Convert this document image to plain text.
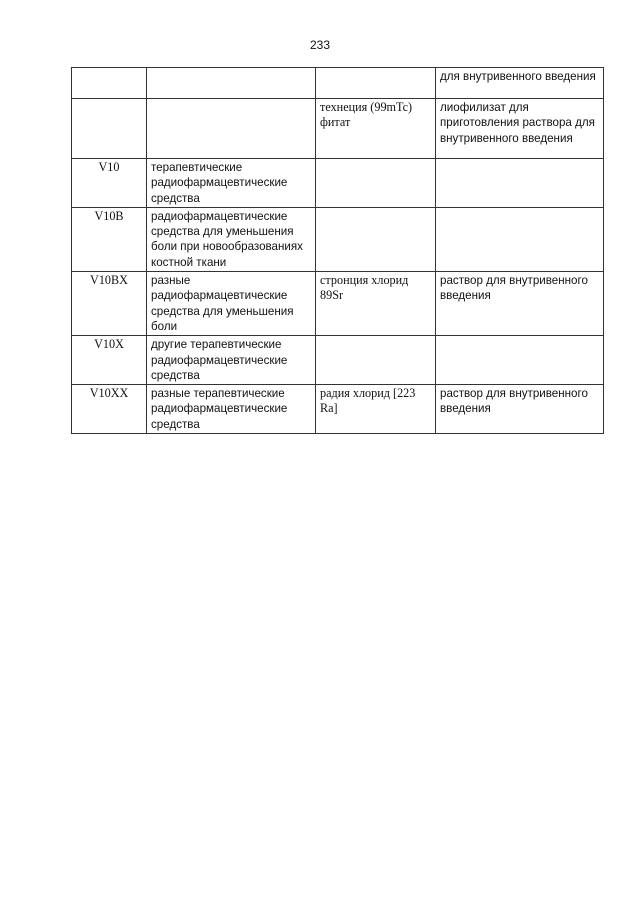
233
			для внутривенного введения
		технеция (99mTc) фитат	лиофилизат для приготовления раствора для внутривенного введения
V10	терапевтические радиофармацевтические средства		
V10B	радиофармацевтические средства для уменьшения боли при новообразованиях костной ткани		
V10BX	разные радиофармацевтические средства для уменьшения боли	стронция хлорид 89Sr	раствор для внутривенного введения
V10X	другие терапевтические радиофармацевтические средства		
V10XX	разные терапевтические радиофармацевтические средства	радия хлорид [223 Ra]	раствор для внутривенного введения
